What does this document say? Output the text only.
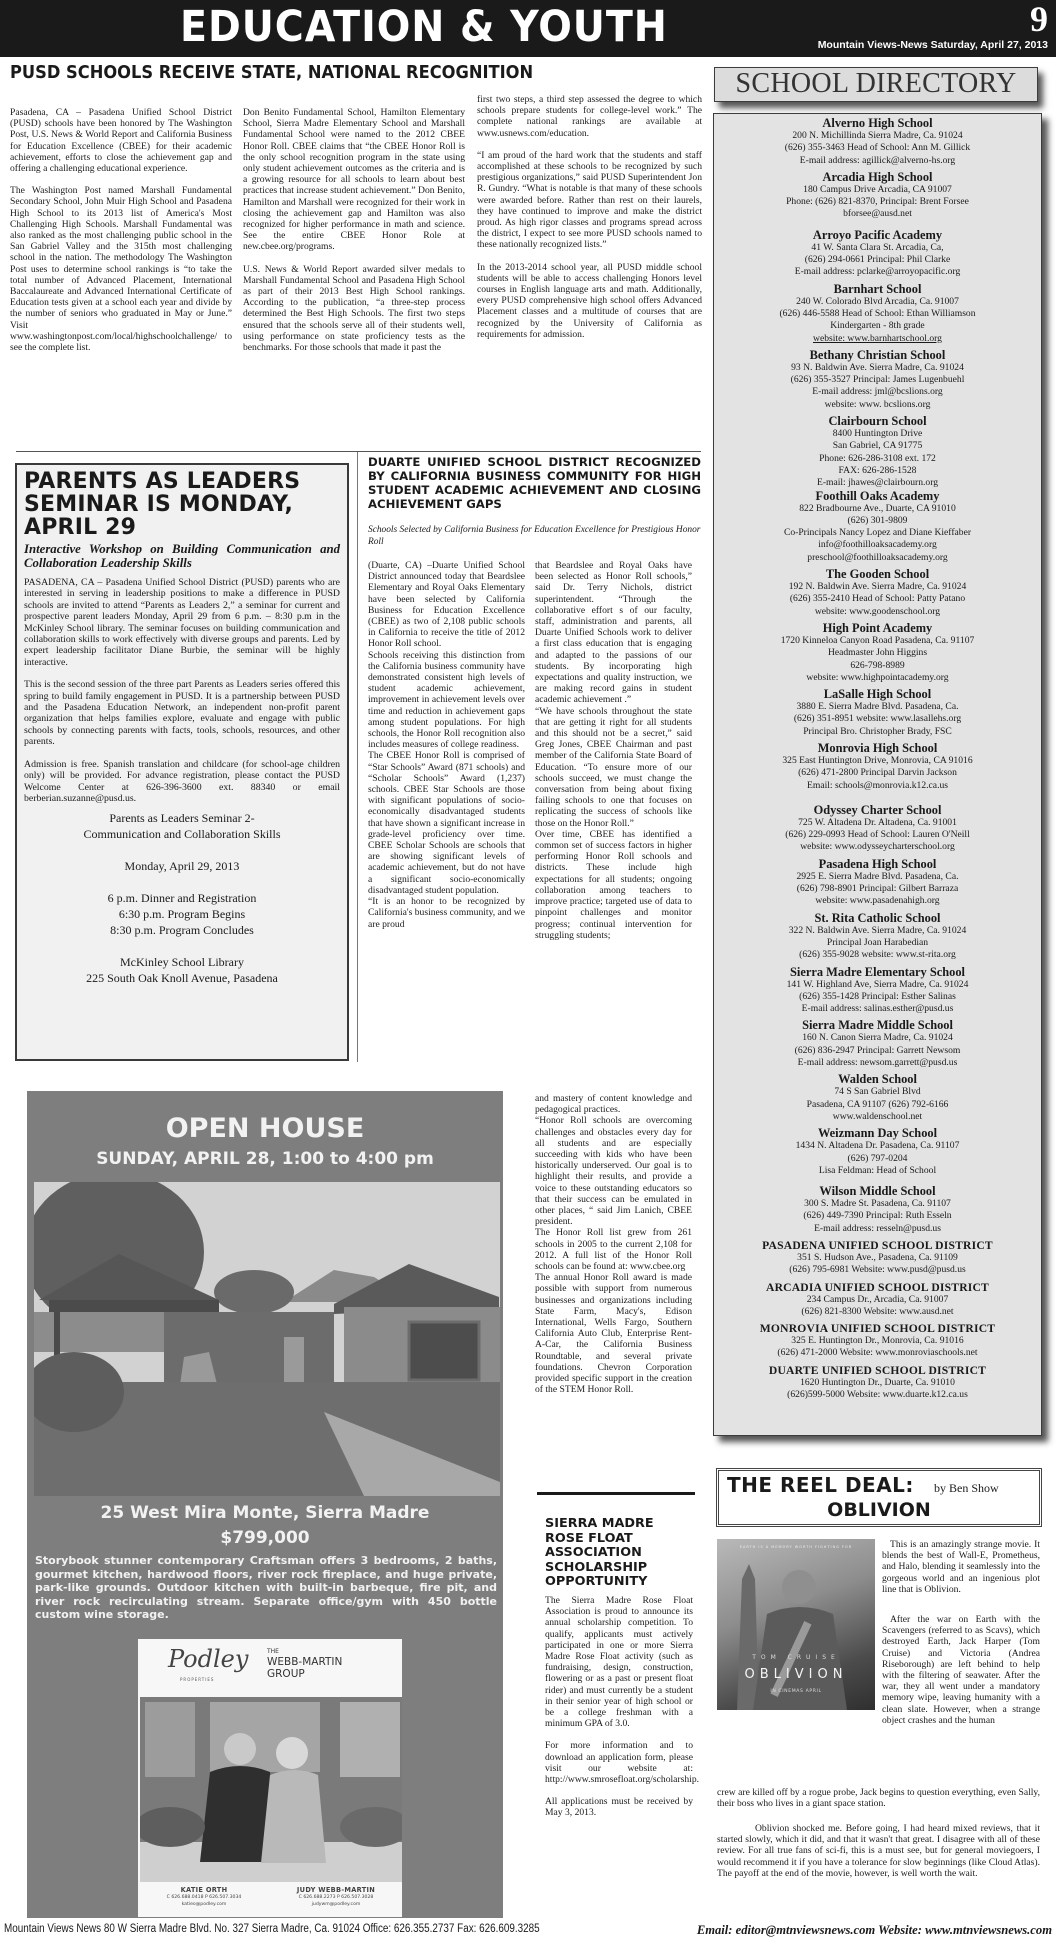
EDUCATION & YOUTH	9
Mountain Views-News Saturday, April 27, 2013
PUSD SCHOOLS RECEIVE STATE, NATIONAL RECOGNITION

Pasadena, CA – Pasadena Unified School District (PUSD) schools have been honored by The Washington Post, U.S. News & World Report and California Business for Education Excellence (CBEE) for their academic achievement, efforts to close the achievement gap and offering a challenging educational experience.

The Washington Post named Marshall Fundamental Secondary School, John Muir High School and Pasadena High School to its 2013 list of America's Most Challenging High Schools. Marshall Fundamental was also ranked as the most challenging public school in the San Gabriel Valley and the 315th most challenging school in the nation. The methodology The Washington Post uses to determine school rankings is “to take the total number of Advanced Placement, International Baccalaureate and Advanced International Certificate of Education tests given at a school each year and divide by the number of seniors who graduated in May or June.” Visit www.washingtonpost.com/local/highschoolchallenge/ to see the complete list.

Don Benito Fundamental School, Hamilton Elementary School, Sierra Madre Elementary School and Marshall Fundamental School were named to the 2012 CBEE Honor Roll. CBEE claims that “the CBEE Honor Roll is the only school recognition program in the state using only student achievement outcomes as the criteria and is a growing resource for all schools to learn about best practices that increase student achievement.” Don Benito, Hamilton and Marshall were recognized for their work in closing the achievement gap and Hamilton was also recognized for higher performance in math and science. See the entire CBEE Honor Role at new.cbee.org/programs.

U.S. News & World Report awarded silver medals to Marshall Fundamental School and Pasadena High School as part of their 2013 Best High School rankings. According to the publication, “a three-step process determined the Best High Schools. The first two steps ensured that the schools serve all of their students well, using performance on state proficiency tests as the benchmarks. For those schools that made it past the

first two steps, a third step assessed the degree to which schools prepare students for college-level work.” The complete national rankings are available at www.usnews.com/education.

“I am proud of the hard work that the students and staff accomplished at these schools to be recognized by such prestigious organizations,” said PUSD Superintendent Jon R. Gundry. “What is notable is that many of these schools were awarded before. Rather than rest on their laurels, they have continued to improve and make the district proud. As high rigor classes and programs spread across the district, I expect to see more PUSD schools named to these nationally recognized lists.”

In the 2013-2014 school year, all PUSD middle school students will be able to access challenging Honors level courses in English language arts and math. Additionally, every PUSD comprehensive high school offers Advanced Placement classes and a multitude of courses that are recognized by the University of California as requirements for admission.

PARENTS AS LEADERS SEMINAR IS MONDAY, APRIL 29
Interactive Workshop on Building Communication and Collaboration Leadership Skills

PASADENA, CA – Pasadena Unified School District (PUSD) parents who are interested in serving in leadership positions to make a difference in PUSD schools are invited to attend “Parents as Leaders 2,” a seminar for current and prospective parent leaders Monday, April 29 from 6 p.m. – 8:30 p.m in the McKinley School library. The seminar focuses on building communication and collaboration skills to work effectively with diverse groups and parents. Led by expert leadership facilitator Diane Burbie, the seminar will be highly interactive.

This is the second session of the three part Parents as Leaders series offered this spring to build family engagement in PUSD. It is a partnership between PUSD and the Pasadena Education Network, an independent non-profit parent organization that helps families explore, evaluate and engage with public schools by connecting parents with facts, tools, schools, resources, and other parents.

Admission is free. Spanish translation and childcare (for school-age children only) will be provided. For advance registration, please contact the PUSD Welcome Center at 626-396-3600 ext. 88340 or email berberian.suzanne@pusd.us.

Parents as Leaders Seminar 2-
Communication and Collaboration Skills
Monday, April 29, 2013
6 p.m. Dinner and Registration
6:30 p.m. Program Begins
8:30 p.m. Program Concludes
McKinley School Library
225 South Oak Knoll Avenue, Pasadena
DUARTE UNIFIED SCHOOL DISTRICT RECOGNIZED BY CALIFORNIA BUSINESS COMMUNITY FOR HIGH STUDENT ACADEMIC ACHIEVEMENT AND CLOSING ACHIEVEMENT GAPS
Schools Selected by California Business for Education Excellence for Prestigious Honor Roll

(Duarte, CA) –Duarte Unified School District announced today that Beardslee Elementary and Royal Oaks Elementary have been selected by California Business for Education Excellence (CBEE) as two of 2,108 public schools in California to receive the title of 2012 Honor Roll school.

Schools receiving this distinction from the California business community have demonstrated consistent high levels of student academic achievement, improvement in achievement levels over time and reduction in achievement gaps among student populations. For high schools, the Honor Roll recognition also includes measures of college readiness.

The CBEE Honor Roll is comprised of “Star Schools” Award (871 schools) and “Scholar Schools” Award (1,237) schools. CBEE Star Schools are those with significant populations of socio-economically disadvantaged students that have shown a significant increase in grade-level proficiency over time. CBEE Scholar Schools are schools that are showing significant levels of academic achievement, but do not have a significant socio-economically disadvantaged student population.

“It is an honor to be recognized by California's business community, and we are proud

that Beardslee and Royal Oaks have been selected as Honor Roll schools,” said Dr. Terry Nichols, district superintendent. “Through the collaborative effort s of our faculty, staff, administration and parents, all Duarte Unified Schools work to deliver a first class education that is engaging and adapted to the passions of our students. By incorporating high expectations and quality instruction, we are making record gains in student academic achievement .”

“We have schools throughout the state that are getting it right for all students and this should not be a secret,” said Greg Jones, CBEE Chairman and past member of the California State Board of Education. “To ensure more of our schools succeed, we must change the conversation from being about fixing failing schools to one that focuses on replicating the success of schools like those on the Honor Roll.”

Over time, CBEE has identified a common set of success factors in higher performing Honor Roll schools and districts. These include high expectations for all students; ongoing collaboration among teachers to improve practice; targeted use of data to pinpoint challenges and monitor progress; continual intervention for struggling students;

and mastery of content knowledge and pedagogical practices.

“Honor Roll schools are overcoming challenges and obstacles every day for all students and are especially succeeding with kids who have been historically underserved. Our goal is to highlight their results, and provide a voice to these outstanding educators so that their success can be emulated in other places, “ said Jim Lanich, CBEE president.

The Honor Roll list grew from 261 schools in 2005 to the current 2,108 for 2012. A full list of the Honor Roll schools can be found at: www.cbee.org

The annual Honor Roll award is made possible with support from numerous businesses and organizations including State Farm, Macy's, Edison International, Wells Fargo, Southern California Auto Club, Enterprise Rent-A-Car, the California Business Roundtable, and several private foundations. Chevron Corporation provided specific support in the creation of the STEM Honor Roll.

OPEN HOUSE
SUNDAY, APRIL 28, 1:00 to 4:00 pm
25 West Mira Monte, Sierra Madre
$799,000
Storybook stunner contemporary Craftsman offers 3 bedrooms, 2 baths, gourmet kitchen, hardwood floors, river rock fireplace, and huge private, park-like grounds. Outdoor kitchen with built-in barbeque, fire pit, and river rock recirculating stream. Separate office/gym with 450 bottle custom wine storage.
Podley
PROPERTIES
THE
WEBB-MARTIN
GROUP
KATIE ORTH
C 626.688.0418 P 626.507.3034
katieo@podley.com
JUDY WEBB-MARTIN
C 626.688.2273 P 626.507.3028
judywm@podley.com
SIERRA MADRE ROSE FLOAT ASSOCIATION SCHOLARSHIP OPPORTUNITY

The Sierra Madre Rose Float Association is proud to announce its annual scholarship competition. To qualify, applicants must actively participated in one or more Sierra Madre Rose Float activity (such as fundraising, design, construction, flowering or as a past or present float rider) and must currently be a student in their senior year of high school or be a college freshman with a minimum GPA of 3.0.

For more information and to download an application form, please visit our website at: http://www.smrosefloat.org/scholarship.

All applications must be received by May 3, 2013.

SCHOOL DIRECTORY
Alverno High School
200 N. Michillinda Sierra Madre, Ca. 91024
(626) 355-3463 Head of School: Ann M. Gillick
E-mail address: agillick@alverno-hs.org
Arcadia High School
180 Campus Drive Arcadia, CA 91007
Phone: (626) 821-8370, Principal: Brent Forsee
bforsee@ausd.net
Arroyo Pacific Academy
41 W. Santa Clara St. Arcadia, Ca,
(626) 294-0661 Principal: Phil Clarke
E-mail address: pclarke@arroyopacific.org
Barnhart School
240 W. Colorado Blvd Arcadia, Ca. 91007
(626) 446-5588 Head of School: Ethan Williamson
Kindergarten - 8th grade
website: www.barnhartschool.org
Bethany Christian School
93 N. Baldwin Ave. Sierra Madre, Ca. 91024
(626) 355-3527 Principal: James Lugenbuehl
E-mail address: jml@bcslions.org
website: www. bcslions.org
Clairbourn School
8400 Huntington Drive
San Gabriel, CA 91775
Phone: 626-286-3108 ext. 172
FAX: 626-286-1528
E-mail: jhawes@clairbourn.org
Foothill Oaks Academy
822 Bradbourne Ave., Duarte, CA 91010
(626) 301-9809
Co-Principals Nancy Lopez and Diane Kieffaber
info@foothilloaksacademy.org
preschool@foothilloaksacademy.org
The Gooden School
192 N. Baldwin Ave. Sierra Madre, Ca. 91024
(626) 355-2410 Head of School: Patty Patano
website: www.goodenschool.org
High Point Academy
1720 Kinneloa Canyon Road Pasadena, Ca. 91107
Headmaster John Higgins
626-798-8989
website: www.highpointacademy.org
LaSalle High School
3880 E. Sierra Madre Blvd. Pasadena, Ca.
(626) 351-8951 website: www.lasallehs.org
Principal Bro. Christopher Brady, FSC
Monrovia High School
325 East Huntington Drive, Monrovia, CA 91016
(626) 471-2800 Principal Darvin Jackson
Email: schools@monrovia.k12.ca.us
Odyssey Charter School
725 W. Altadena Dr. Altadena, Ca. 91001
(626) 229-0993 Head of School: Lauren O'Neill
website: www.odysseycharterschool.org
Pasadena High School
2925 E. Sierra Madre Blvd. Pasadena, Ca.
(626) 798-8901 Principal: Gilbert Barraza
website: www.pasadenahigh.org
St. Rita Catholic School
322 N. Baldwin Ave. Sierra Madre, Ca. 91024
Principal Joan Harabedian
(626) 355-9028 website: www.st-rita.org
Sierra Madre Elementary School
141 W. Highland Ave, Sierra Madre, Ca. 91024
(626) 355-1428 Principal: Esther Salinas
E-mail address: salinas.esther@pusd.us
Sierra Madre Middle School
160 N. Canon Sierra Madre, Ca. 91024
(626) 836-2947 Principal: Garrett Newsom
E-mail address: newsom.garrett@pusd.us
Walden School
74 S San Gabriel Blvd
Pasadena, CA 91107 (626) 792-6166
www.waldenschool.net
Weizmann Day School
1434 N. Altadena Dr. Pasadena, Ca. 91107
(626) 797-0204
Lisa Feldman: Head of School
Wilson Middle School
300 S. Madre St. Pasadena, Ca. 91107
(626) 449-7390 Principal: Ruth Esseln
E-mail address: resseln@pusd.us
PASADENA UNIFIED SCHOOL DISTRICT
351 S. Hudson Ave., Pasadena, Ca. 91109
(626) 795-6981 Website: www.pusd@pusd.us
ARCADIA UNIFIED SCHOOL DISTRICT
234 Campus Dr., Arcadia, Ca. 91007
(626) 821-8300 Website: www.ausd.net
MONROVIA UNIFIED SCHOOL DISTRICT
325 E. Huntington Dr., Monrovia, Ca. 91016
(626) 471-2000 Website: www.monroviaschools.net
DUARTE UNIFIED SCHOOL DISTRICT
1620 Huntington Dr., Duarte, Ca. 91010
(626)599-5000 Website: www.duarte.k12.ca.us
THE REEL DEAL: by Ben Show
OBLIVION
EARTH IS A MEMORY WORTH FIGHTING FOR
TOM CRUISE
OBLIVION
IN CINEMAS APRIL
This is an amazingly strange movie. It blends the best of Wall-E, Prometheus, and Halo, blending it seamlessly into the gorgeous world and an ingenious plot line that is Oblivion.
After the war on Earth with the Scavengers (referred to as Scavs), which destroyed Earth, Jack Harper (Tom Cruise) and Victoria (Andrea Riseborough) are left behind to help with the filtering of seawater. After the war, they all went under a mandatory memory wipe, leaving humanity with a clean slate. However, when a strange object crashes and the human
crew are killed off by a rogue probe, Jack begins to question everything, even Sally, their boss who lives in a giant space station.
Oblivion shocked me. Before going, I had heard mixed reviews, that it started slowly, which it did, and that it wasn't that great. I disagree with all of these review. For all true fans of sci-fi, this is a must see, but for general moviegoers, I would recommend it if you have a tolerance for slow beginnings (like Cloud Atlas). The payoff at the end of the movie, however, is well worth the wait.
Mountain Views News 80 W Sierra Madre Blvd. No. 327 Sierra Madre, Ca. 91024 Office: 626.355.2737 Fax: 626.609.3285	Email: editor@mtnviewsnews.com Website: www.mtnviewsnews.com
